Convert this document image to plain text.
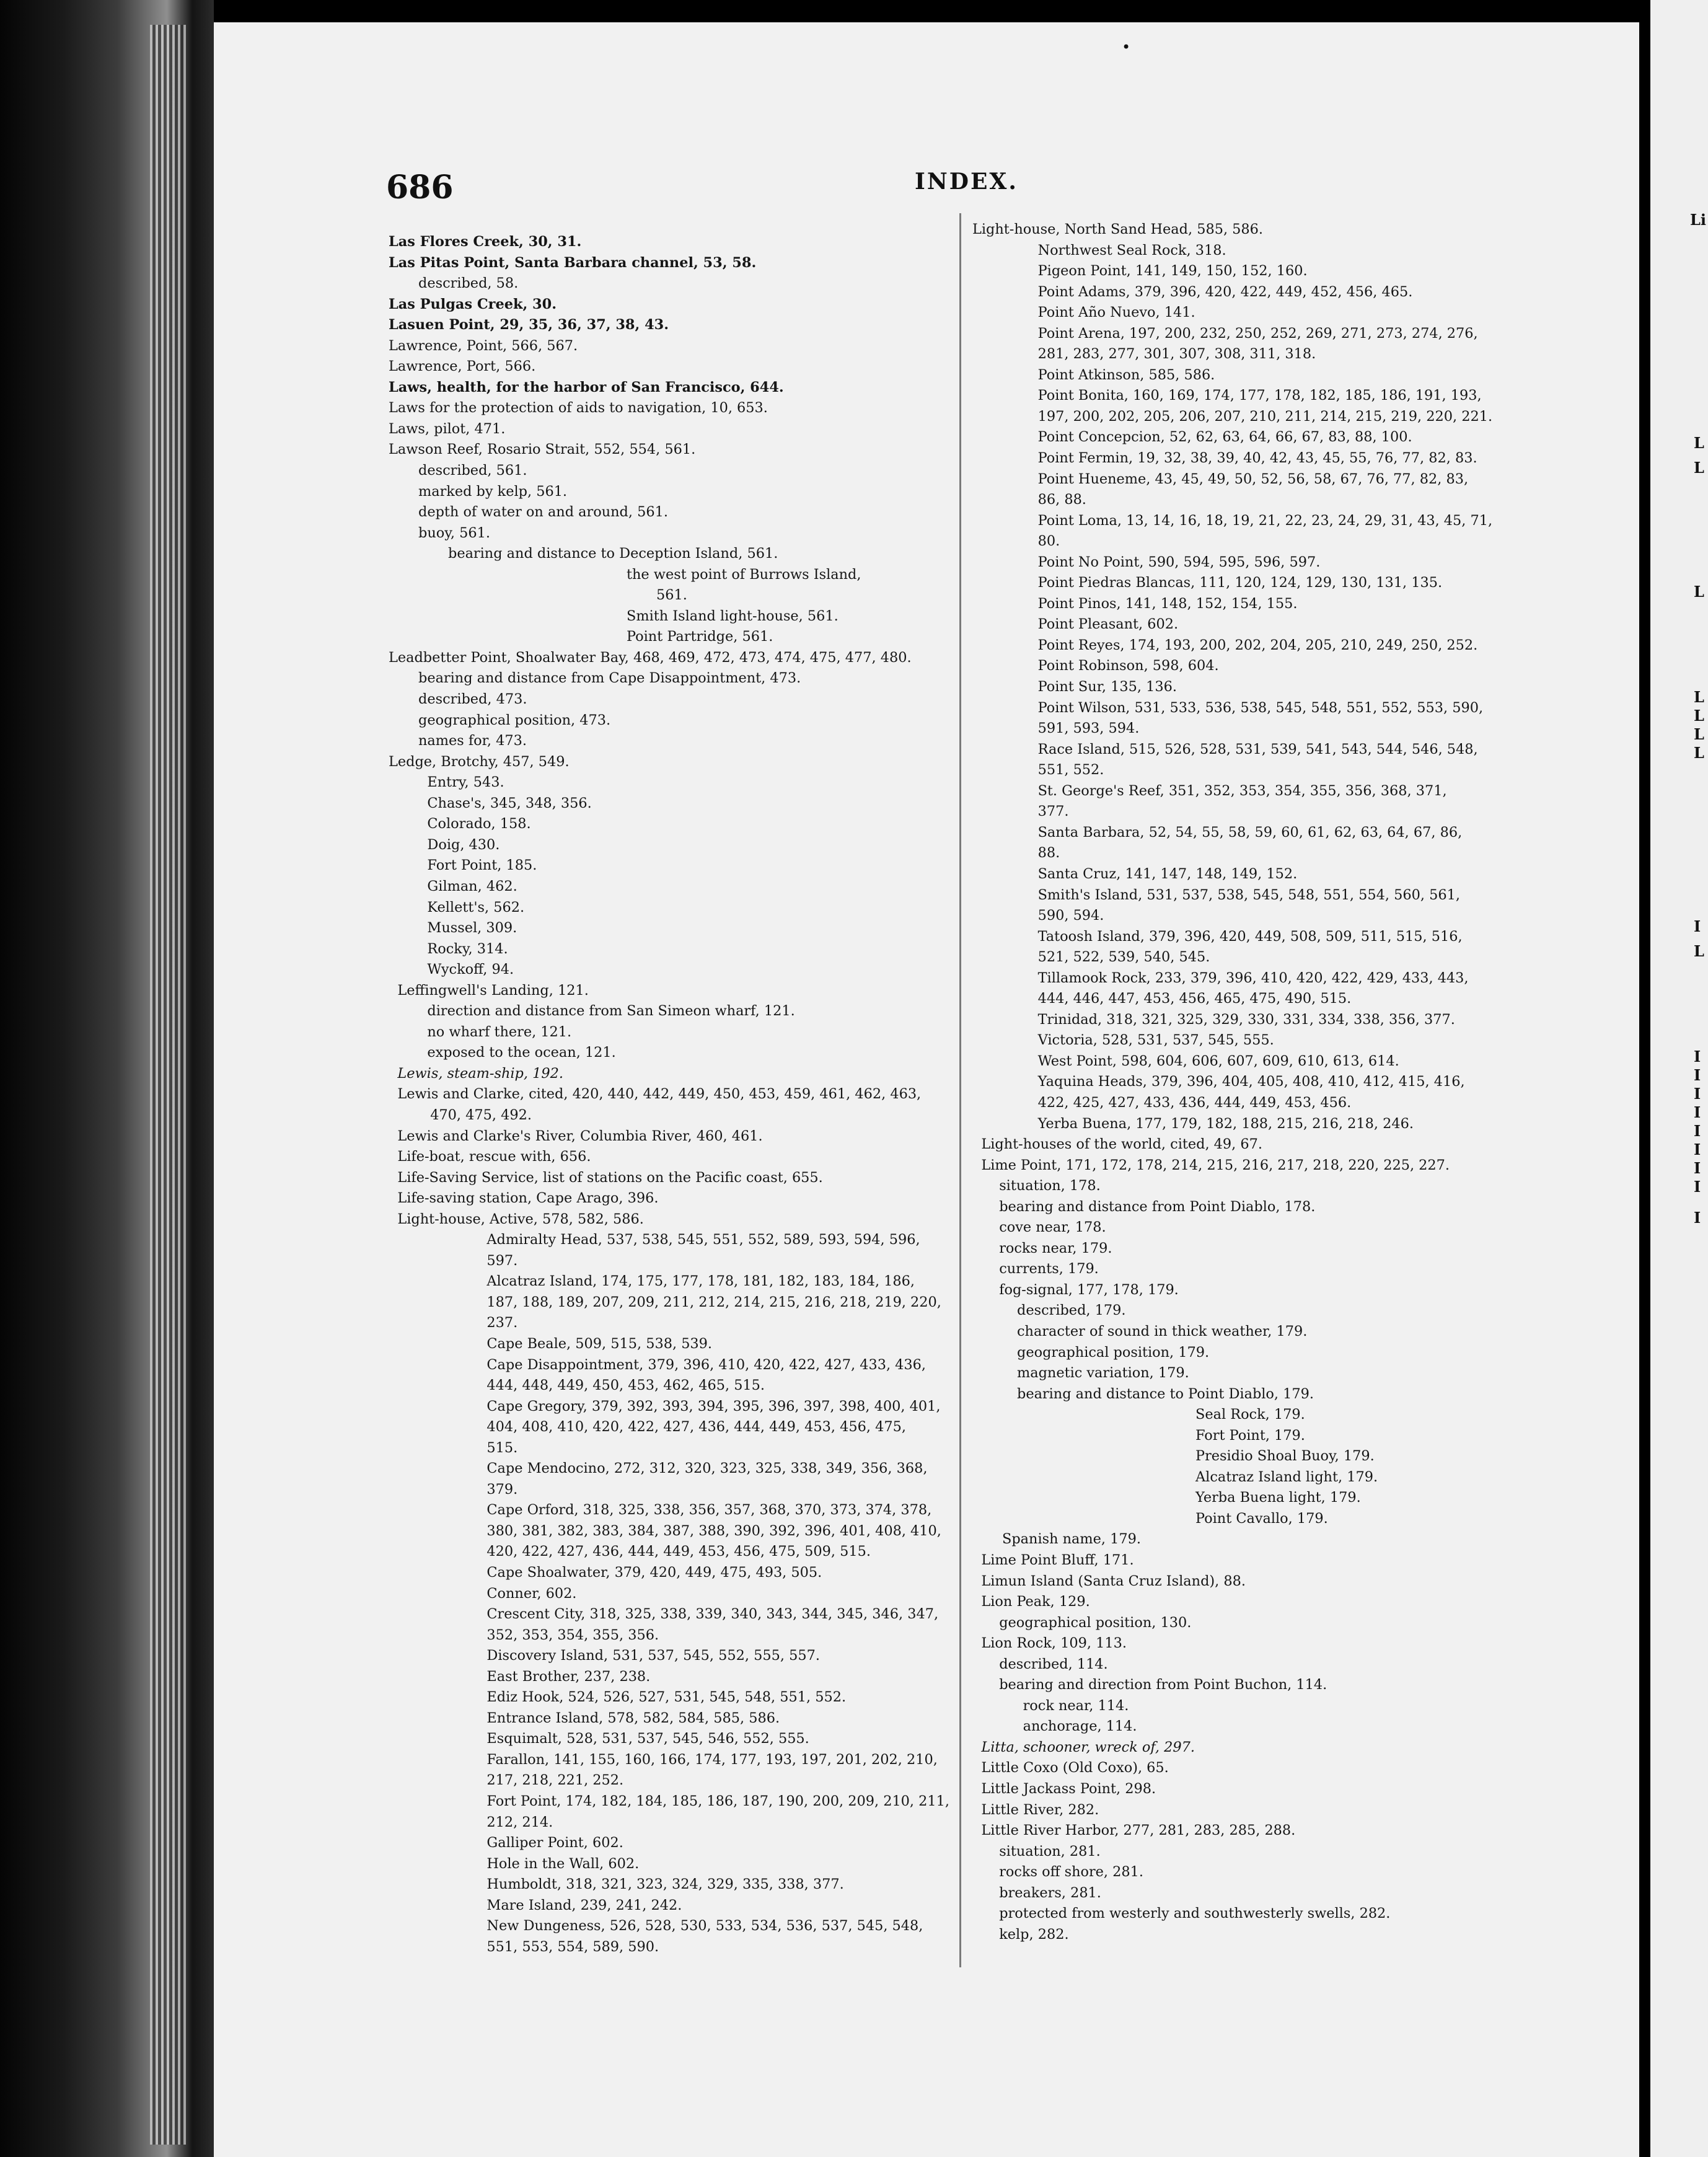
Li
L
L
L
L
L
L
L
I
L
I
I
I
I
I
I
I
I
I
•
686	INDEX.
Las Flores Creek, 30, 31.
Las Pitas Point, Santa Barbara channel, 53, 58.
described, 58.
Las Pulgas Creek, 30.
Lasuen Point, 29, 35, 36, 37, 38, 43.
Lawrence, Point, 566, 567.
Lawrence, Port, 566.
Laws, health, for the harbor of San Francisco, 644.
Laws for the protection of aids to navigation, 10, 653.
Laws, pilot, 471.
Lawson Reef, Rosario Strait, 552, 554, 561.
described, 561.
marked by kelp, 561.
depth of water on and around, 561.
buoy, 561.
bearing and distance to Deception Island, 561.
the west point of Burrows Island,
561.
Smith Island light-house, 561.
Point Partridge, 561.
Leadbetter Point, Shoalwater Bay, 468, 469, 472, 473, 474, 475, 477, 480.
bearing and distance from Cape Disappointment, 473.
described, 473.
geographical position, 473.
names for, 473.
Ledge, Brotchy, 457, 549.
Entry, 543.
Chase's, 345, 348, 356.
Colorado, 158.
Doig, 430.
Fort Point, 185.
Gilman, 462.
Kellett's, 562.
Mussel, 309.
Rocky, 314.
Wyckoff, 94.
Leffingwell's Landing, 121.
direction and distance from San Simeon wharf, 121.
no wharf there, 121.
exposed to the ocean, 121.
Lewis, steam-ship, 192.
Lewis and Clarke, cited, 420, 440, 442, 449, 450, 453, 459, 461, 462, 463,
470, 475, 492.
Lewis and Clarke's River, Columbia River, 460, 461.
Life-boat, rescue with, 656.
Life-Saving Service, list of stations on the Pacific coast, 655.
Life-saving station, Cape Arago, 396.
Light-house, Active, 578, 582, 586.
Admiralty Head, 537, 538, 545, 551, 552, 589, 593, 594, 596,
597.
Alcatraz Island, 174, 175, 177, 178, 181, 182, 183, 184, 186,
187, 188, 189, 207, 209, 211, 212, 214, 215, 216, 218, 219, 220,
237.
Cape Beale, 509, 515, 538, 539.
Cape Disappointment, 379, 396, 410, 420, 422, 427, 433, 436,
444, 448, 449, 450, 453, 462, 465, 515.
Cape Gregory, 379, 392, 393, 394, 395, 396, 397, 398, 400, 401,
404, 408, 410, 420, 422, 427, 436, 444, 449, 453, 456, 475,
515.
Cape Mendocino, 272, 312, 320, 323, 325, 338, 349, 356, 368,
379.
Cape Orford, 318, 325, 338, 356, 357, 368, 370, 373, 374, 378,
380, 381, 382, 383, 384, 387, 388, 390, 392, 396, 401, 408, 410,
420, 422, 427, 436, 444, 449, 453, 456, 475, 509, 515.
Cape Shoalwater, 379, 420, 449, 475, 493, 505.
Conner, 602.
Crescent City, 318, 325, 338, 339, 340, 343, 344, 345, 346, 347,
352, 353, 354, 355, 356.
Discovery Island, 531, 537, 545, 552, 555, 557.
East Brother, 237, 238.
Ediz Hook, 524, 526, 527, 531, 545, 548, 551, 552.
Entrance Island, 578, 582, 584, 585, 586.
Esquimalt, 528, 531, 537, 545, 546, 552, 555.
Farallon, 141, 155, 160, 166, 174, 177, 193, 197, 201, 202, 210,
217, 218, 221, 252.
Fort Point, 174, 182, 184, 185, 186, 187, 190, 200, 209, 210, 211,
212, 214.
Galliper Point, 602.
Hole in the Wall, 602.
Humboldt, 318, 321, 323, 324, 329, 335, 338, 377.
Mare Island, 239, 241, 242.
New Dungeness, 526, 528, 530, 533, 534, 536, 537, 545, 548,
551, 553, 554, 589, 590.
Light-house, North Sand Head, 585, 586.
Northwest Seal Rock, 318.
Pigeon Point, 141, 149, 150, 152, 160.
Point Adams, 379, 396, 420, 422, 449, 452, 456, 465.
Point Año Nuevo, 141.
Point Arena, 197, 200, 232, 250, 252, 269, 271, 273, 274, 276,
281, 283, 277, 301, 307, 308, 311, 318.
Point Atkinson, 585, 586.
Point Bonita, 160, 169, 174, 177, 178, 182, 185, 186, 191, 193,
197, 200, 202, 205, 206, 207, 210, 211, 214, 215, 219, 220, 221.
Point Concepcion, 52, 62, 63, 64, 66, 67, 83, 88, 100.
Point Fermin, 19, 32, 38, 39, 40, 42, 43, 45, 55, 76, 77, 82, 83.
Point Hueneme, 43, 45, 49, 50, 52, 56, 58, 67, 76, 77, 82, 83,
86, 88.
Point Loma, 13, 14, 16, 18, 19, 21, 22, 23, 24, 29, 31, 43, 45, 71,
80.
Point No Point, 590, 594, 595, 596, 597.
Point Piedras Blancas, 111, 120, 124, 129, 130, 131, 135.
Point Pinos, 141, 148, 152, 154, 155.
Point Pleasant, 602.
Point Reyes, 174, 193, 200, 202, 204, 205, 210, 249, 250, 252.
Point Robinson, 598, 604.
Point Sur, 135, 136.
Point Wilson, 531, 533, 536, 538, 545, 548, 551, 552, 553, 590,
591, 593, 594.
Race Island, 515, 526, 528, 531, 539, 541, 543, 544, 546, 548,
551, 552.
St. George's Reef, 351, 352, 353, 354, 355, 356, 368, 371,
377.
Santa Barbara, 52, 54, 55, 58, 59, 60, 61, 62, 63, 64, 67, 86,
88.
Santa Cruz, 141, 147, 148, 149, 152.
Smith's Island, 531, 537, 538, 545, 548, 551, 554, 560, 561,
590, 594.
Tatoosh Island, 379, 396, 420, 449, 508, 509, 511, 515, 516,
521, 522, 539, 540, 545.
Tillamook Rock, 233, 379, 396, 410, 420, 422, 429, 433, 443,
444, 446, 447, 453, 456, 465, 475, 490, 515.
Trinidad, 318, 321, 325, 329, 330, 331, 334, 338, 356, 377.
Victoria, 528, 531, 537, 545, 555.
West Point, 598, 604, 606, 607, 609, 610, 613, 614.
Yaquina Heads, 379, 396, 404, 405, 408, 410, 412, 415, 416,
422, 425, 427, 433, 436, 444, 449, 453, 456.
Yerba Buena, 177, 179, 182, 188, 215, 216, 218, 246.
Light-houses of the world, cited, 49, 67.
Lime Point, 171, 172, 178, 214, 215, 216, 217, 218, 220, 225, 227.
situation, 178.
bearing and distance from Point Diablo, 178.
cove near, 178.
rocks near, 179.
currents, 179.
fog-signal, 177, 178, 179.
described, 179.
character of sound in thick weather, 179.
geographical position, 179.
magnetic variation, 179.
bearing and distance to Point Diablo, 179.
Seal Rock, 179.
Fort Point, 179.
Presidio Shoal Buoy, 179.
Alcatraz Island light, 179.
Yerba Buena light, 179.
Point Cavallo, 179.
Spanish name, 179.
Lime Point Bluff, 171.
Limun Island (Santa Cruz Island), 88.
Lion Peak, 129.
geographical position, 130.
Lion Rock, 109, 113.
described, 114.
bearing and direction from Point Buchon, 114.
rock near, 114.
anchorage, 114.
Litta, schooner, wreck of, 297.
Little Coxo (Old Coxo), 65.
Little Jackass Point, 298.
Little River, 282.
Little River Harbor, 277, 281, 283, 285, 288.
situation, 281.
rocks off shore, 281.
breakers, 281.
protected from westerly and southwesterly swells, 282.
kelp, 282.
